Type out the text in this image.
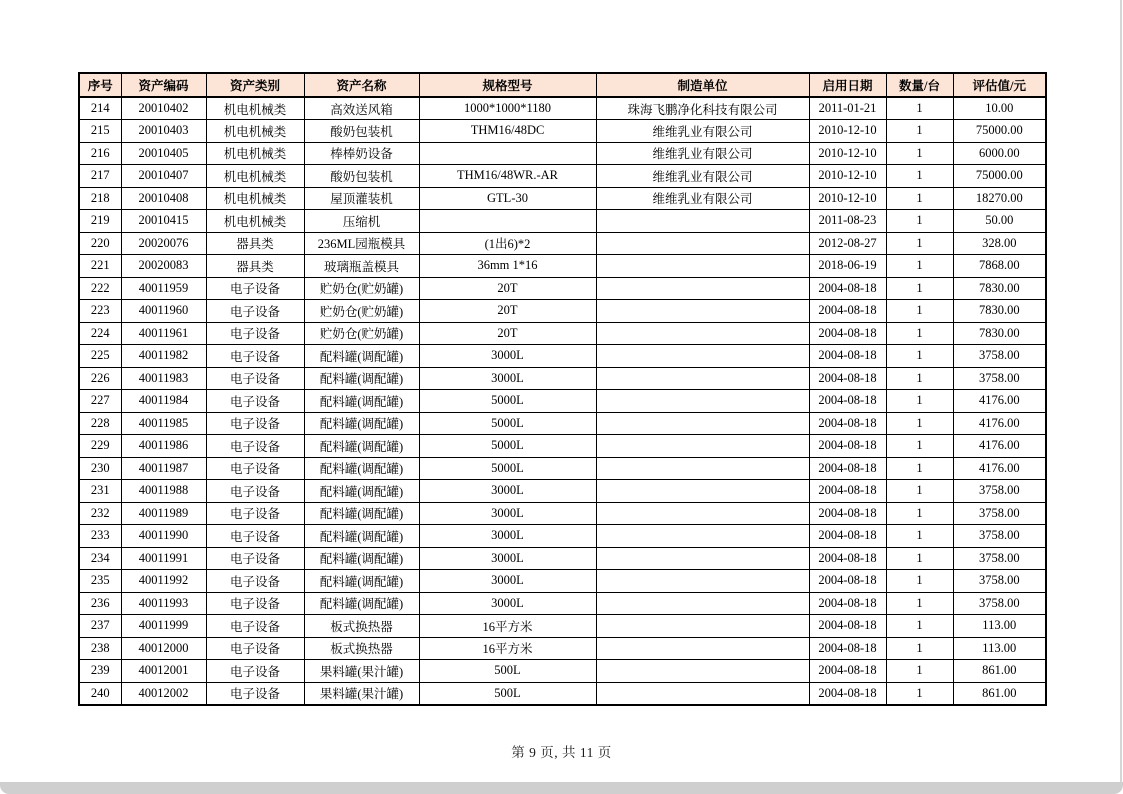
序号	资产编码	资产类别	资产名称	规格型号	制造单位	启用日期	数量/台	评估值/元
214	20010402	机电机械类	高效送风箱	1000*1000*1180	珠海飞鹏净化科技有限公司	2011-01-21	1	10.00
215	20010403	机电机械类	酸奶包装机	THM16/48DC	维维乳业有限公司	2010-12-10	1	75000.00
216	20010405	机电机械类	棒棒奶设备		维维乳业有限公司	2010-12-10	1	6000.00
217	20010407	机电机械类	酸奶包装机	THM16/48WR.-AR	维维乳业有限公司	2010-12-10	1	75000.00
218	20010408	机电机械类	屋顶灌装机	GTL-30	维维乳业有限公司	2010-12-10	1	18270.00
219	20010415	机电机械类	压缩机			2011-08-23	1	50.00
220	20020076	器具类	236ML园瓶模具	(1出6)*2		2012-08-27	1	328.00
221	20020083	器具类	玻璃瓶盖模具	36mm 1*16		2018-06-19	1	7868.00
222	40011959	电子设备	贮奶仓(贮奶罐)	20T		2004-08-18	1	7830.00
223	40011960	电子设备	贮奶仓(贮奶罐)	20T		2004-08-18	1	7830.00
224	40011961	电子设备	贮奶仓(贮奶罐)	20T		2004-08-18	1	7830.00
225	40011982	电子设备	配料罐(调配罐)	3000L		2004-08-18	1	3758.00
226	40011983	电子设备	配料罐(调配罐)	3000L		2004-08-18	1	3758.00
227	40011984	电子设备	配料罐(调配罐)	5000L		2004-08-18	1	4176.00
228	40011985	电子设备	配料罐(调配罐)	5000L		2004-08-18	1	4176.00
229	40011986	电子设备	配料罐(调配罐)	5000L		2004-08-18	1	4176.00
230	40011987	电子设备	配料罐(调配罐)	5000L		2004-08-18	1	4176.00
231	40011988	电子设备	配料罐(调配罐)	3000L		2004-08-18	1	3758.00
232	40011989	电子设备	配料罐(调配罐)	3000L		2004-08-18	1	3758.00
233	40011990	电子设备	配料罐(调配罐)	3000L		2004-08-18	1	3758.00
234	40011991	电子设备	配料罐(调配罐)	3000L		2004-08-18	1	3758.00
235	40011992	电子设备	配料罐(调配罐)	3000L		2004-08-18	1	3758.00
236	40011993	电子设备	配料罐(调配罐)	3000L		2004-08-18	1	3758.00
237	40011999	电子设备	板式换热器	16平方米		2004-08-18	1	113.00
238	40012000	电子设备	板式换热器	16平方米		2004-08-18	1	113.00
239	40012001	电子设备	果料罐(果汁罐)	500L		2004-08-18	1	861.00
240	40012002	电子设备	果料罐(果汁罐)	500L		2004-08-18	1	861.00
第 9 页, 共 11 页
